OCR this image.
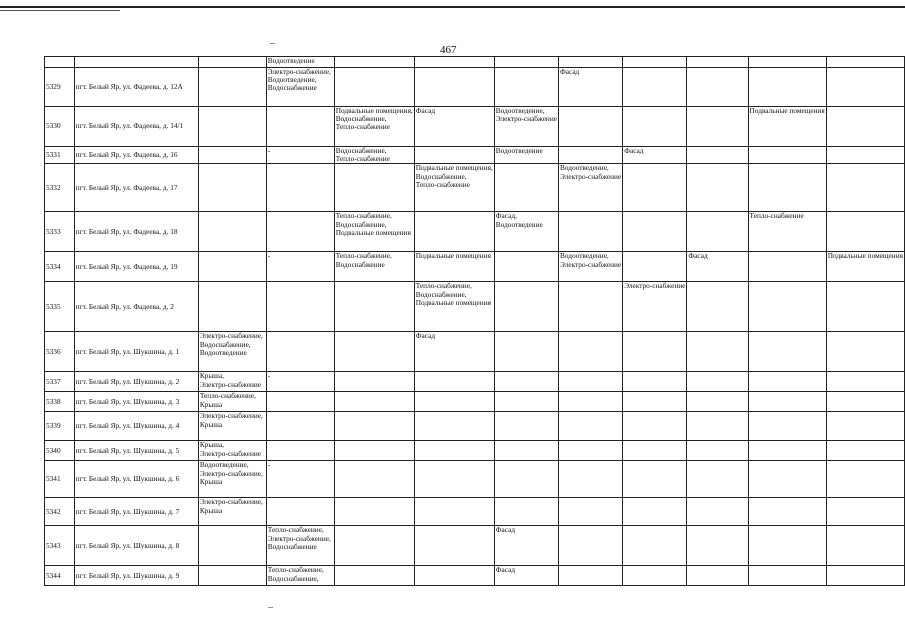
–
–
467

			Водоотведение								

5329	пгт. Белый Яр, ул. Фадеева, д. 12А		Электро-снабжение,
Водоотведение,
Водоснабжение				Фасад				

5330	пгт. Белый Яр, ул. Фадеева, д. 14/1			Подвальные помещения,
Водоснабжение,
Тепло-снабжение	Фасад	Водоотведение,
Электро-снабжение				Подвальные помещения	

5331	пгт. Белый Яр, ул. Фадеева, д. 16		-	Водоснабжение,
Тепло-снабжение		Водоотведение		Фасад			

5332	пгт. Белый Яр, ул. Фадеева, д. 17				Подвальные помещения,
Водоснабжение,
Тепло-снабжение		Водоотведение,
Электро-снабжение				

5333	пгт. Белый Яр, ул. Фадеева, д. 18			Тепло-снабжение,
Водоснабжение,
Подвальные помещения		Фасад,
Водоотведение				Тепло-снабжение	

5334	пгт. Белый Яр, ул. Фадеева, д. 19		-	Тепло-снабжение,
Водоснабжение	Подвальные помещения		Водоотведение,
Электро-снабжение		Фасад		Подвальные помещения

5335	пгт. Белый Яр, ул. Фадеева, д. 2				Тепло-снабжение,
Водоснабжение,
Подвальные помещения			Электро-снабжение			

5336	пгт. Белый Яр, ул. Шукшина, д. 1	Электро-снабжение,
Водоснабжение,
Водоотведение			Фасад						

5337	пгт. Белый Яр, ул. Шукшина, д. 2	Крыша,
Электро-снабжение	-								

5338	пгт. Белый Яр, ул. Шукшина, д. 3	Тепло-снабжение,
Крыша									

5339	пгт. Белый Яр, ул. Шукшина, д. 4	Электро-снабжение,
Крыша									

5340	пгт. Белый Яр, ул. Шукшина, д. 5	Крыша,
Электро-снабжение									

5341	пгт. Белый Яр, ул. Шукшина, д. 6	Водоотведение,
Электро-снабжение,
Крыша	-								

5342	пгт. Белый Яр, ул. Шукшина, д. 7	Электро-снабжение,
Крыша									

5343	пгт. Белый Яр, ул. Шукшина, д. 8		Тепло-снабжение,
Электро-снабжение,
Водоснабжение			Фасад					

5344	пгт. Белый Яр, ул. Шукшина, д. 9		Тепло-снабжение,
Водоснабжение,			Фасад					
